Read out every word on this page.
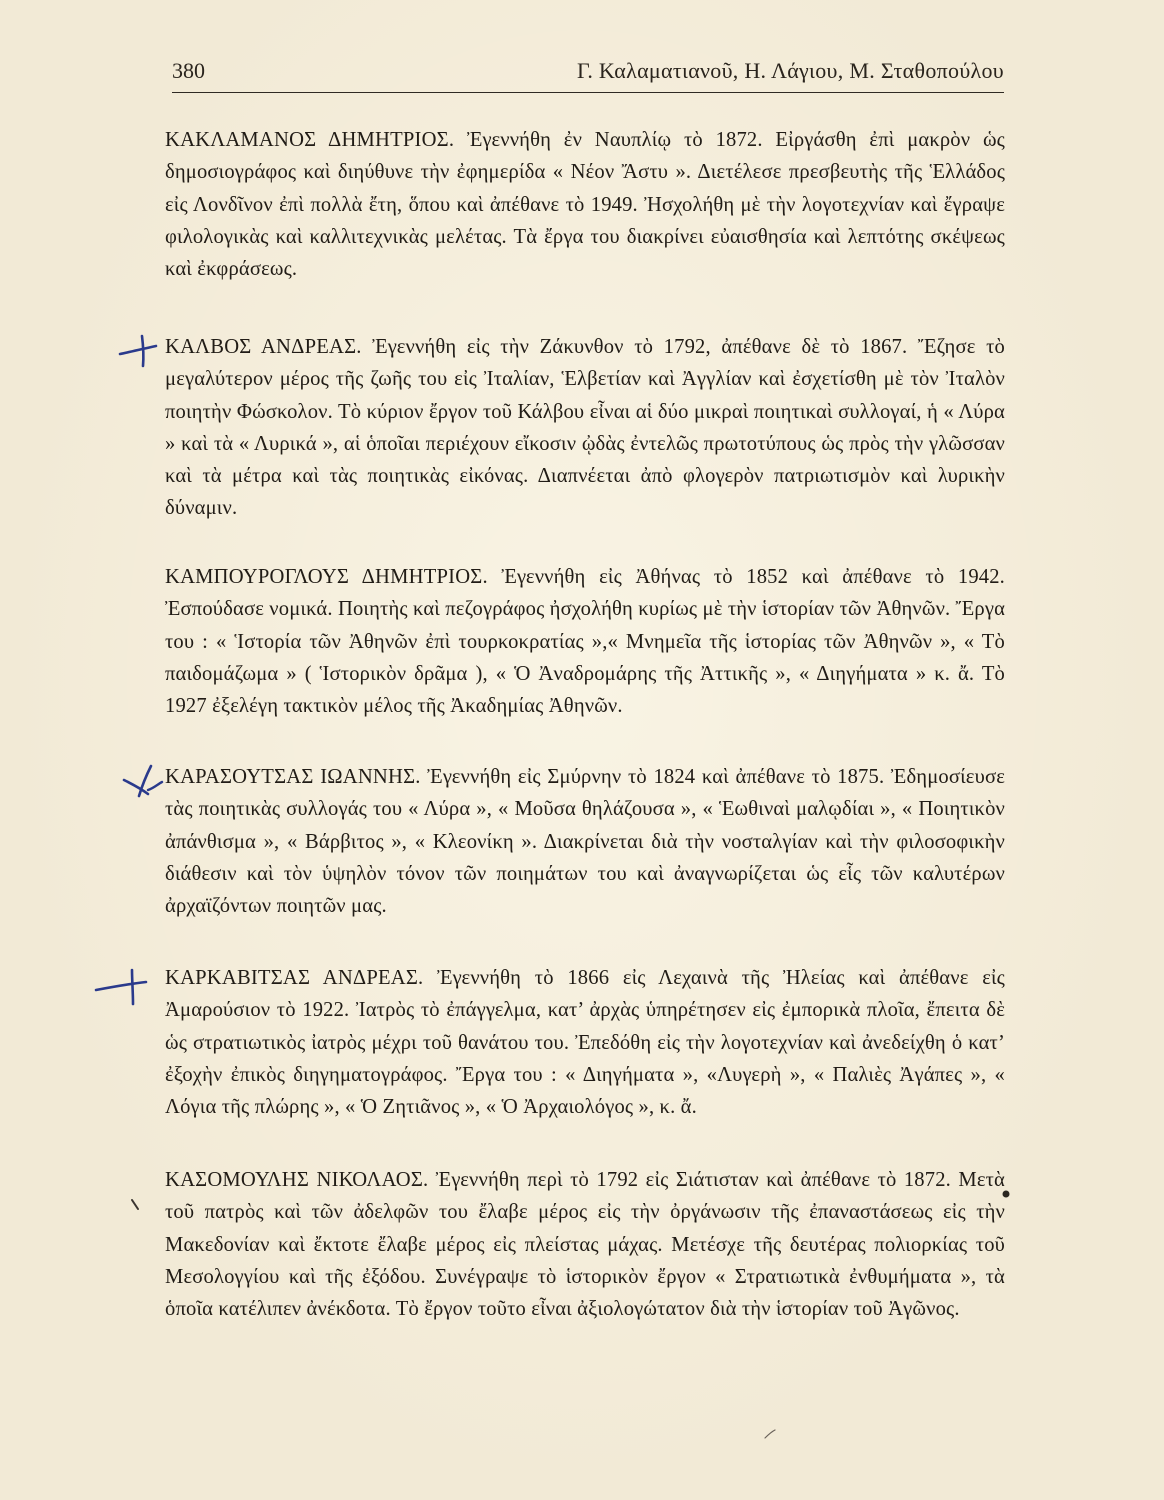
380	Γ. Καλαματιανοῦ, Η. Λάγιου, Μ. Σταθοπούλου

ΚΑΚΛΑΜΑΝΟΣ ΔΗΜΗΤΡΙΟΣ. Ἐγεννήθη ἐν Ναυπλίῳ τὸ 1872. Εἰργάσθη ἐπὶ μακρὸν ὡς δημοσιογράφος καὶ διηύθυνε τὴν ἐφημερίδα « Νέον Ἄστυ ». Διετέλεσε πρεσβευτὴς τῆς Ἑλλάδος εἰς Λονδῖνον ἐπὶ πολλὰ ἔτη, ὅπου καὶ ἀπέθανε τὸ 1949. Ἠσχολήθη μὲ τὴν λογοτεχνίαν καὶ ἔγραψε φιλολογικὰς καὶ καλλιτεχνικὰς μελέτας. Τὰ ἔργα του διακρίνει εὐαισθησία καὶ λεπτότης σκέψεως καὶ ἐκφράσεως.

ΚΑΛΒΟΣ ΑΝΔΡΕΑΣ. Ἐγεννήθη εἰς τὴν Ζάκυνθον τὸ 1792, ἀπέθανε δὲ τὸ 1867. Ἔζησε τὸ μεγαλύτερον μέρος τῆς ζωῆς του εἰς Ἰταλίαν, Ἑλβετίαν καὶ Ἀγγλίαν καὶ ἐσχετίσθη μὲ τὸν Ἰταλὸν ποιητὴν Φώσκολον. Τὸ κύριον ἔργον τοῦ Κάλβου εἶναι αἱ δύο μικραὶ ποιητικαὶ συλλογαί, ἡ « Λύρα » καὶ τὰ « Λυρικά », αἱ ὁποῖαι περιέχουν εἴκοσιν ᾠδὰς ἐντελῶς πρωτοτύπους ὡς πρὸς τὴν γλῶσσαν καὶ τὰ μέτρα καὶ τὰς ποιητικὰς εἰκόνας. Διαπνέεται ἀπὸ φλογερὸν πατριωτισμὸν καὶ λυρικὴν δύναμιν.

ΚΑΜΠΟΥΡΟΓΛΟΥΣ ΔΗΜΗΤΡΙΟΣ. Ἐγεννήθη εἰς Ἀθήνας τὸ 1852 καὶ ἀπέθανε τὸ 1942. Ἐσπούδασε νομικά. Ποιητὴς καὶ πεζογράφος ἠσχολήθη κυρίως μὲ τὴν ἱστορίαν τῶν Ἀθηνῶν. Ἔργα του : « Ἱστορία τῶν Ἀθηνῶν ἐπὶ τουρκοκρατίας »,« Μνημεῖα τῆς ἱστορίας τῶν Ἀθηνῶν », « Τὸ παιδομάζωμα » ( Ἱστορικὸν δρᾶμα ), « Ὁ Ἀναδρομάρης τῆς Ἀττικῆς », « Διηγήματα » κ. ἄ. Τὸ 1927 ἐξελέγη τακτικὸν μέλος τῆς Ἀκαδημίας Ἀθηνῶν.

ΚΑΡΑΣΟΥΤΣΑΣ ΙΩΑΝΝΗΣ. Ἐγεννήθη εἰς Σμύρνην τὸ 1824 καὶ ἀπέθανε τὸ 1875. Ἐδημοσίευσε τὰς ποιητικὰς συλλογάς του « Λύρα », « Μοῦσα θηλάζουσα », « Ἑωθιναὶ μαλῳδίαι », « Ποιητικὸν ἀπάνθισμα », « Βάρβιτος », « Κλεονίκη ». Διακρίνεται διὰ τὴν νοσταλγίαν καὶ τὴν φιλοσοφικὴν διάθεσιν καὶ τὸν ὑψηλὸν τόνον τῶν ποιημάτων του καὶ ἀναγνωρίζεται ὡς εἷς τῶν καλυτέρων ἀρχαϊζόντων ποιητῶν μας.

ΚΑΡΚΑΒΙΤΣΑΣ ΑΝΔΡΕΑΣ. Ἐγεννήθη τὸ 1866 εἰς Λεχαινὰ τῆς Ἠλείας καὶ ἀπέθανε εἰς Ἀμαρούσιον τὸ 1922. Ἰατρὸς τὸ ἐπάγγελμα, κατ’ ἀρχὰς ὑπηρέτησεν εἰς ἐμπορικὰ πλοῖα, ἔπειτα δὲ ὡς στρατιωτικὸς ἰατρὸς μέχρι τοῦ θανάτου του. Ἐπεδόθη εἰς τὴν λογοτεχνίαν καὶ ἀνεδείχθη ὁ κατ’ ἐξοχὴν ἐπικὸς διηγηματογράφος. Ἔργα του : « Διηγήματα », «Λυγερὴ », « Παλιὲς Ἀγάπες », « Λόγια τῆς πλώρης », « Ὁ Ζητιᾶνος », « Ὁ Ἀρχαιολόγος », κ. ἄ.

ΚΑΣΟΜΟΥΛΗΣ ΝΙΚΟΛΑΟΣ. Ἐγεννήθη περὶ τὸ 1792 εἰς Σιάτισταν καὶ ἀπέθανε τὸ 1872. Μετὰ τοῦ πατρὸς καὶ τῶν ἀδελφῶν του ἔλαβε μέρος εἰς τὴν ὀργάνωσιν τῆς ἐπαναστάσεως εἰς τὴν Μακεδονίαν καὶ ἔκτοτε ἔλαβε μέρος εἰς πλείστας μάχας. Μετέσχε τῆς δευτέρας πολιορκίας τοῦ Μεσολογγίου καὶ τῆς ἐξόδου. Συνέγραψε τὸ ἱστορικὸν ἔργον « Στρατιωτικὰ ἐνθυμήματα », τὰ ὁποῖα κατέλιπεν ἀνέκδοτα. Τὸ ἔργον τοῦτο εἶναι ἀξιολογώτατον διὰ τὴν ἱστορίαν τοῦ Ἀγῶνος.
